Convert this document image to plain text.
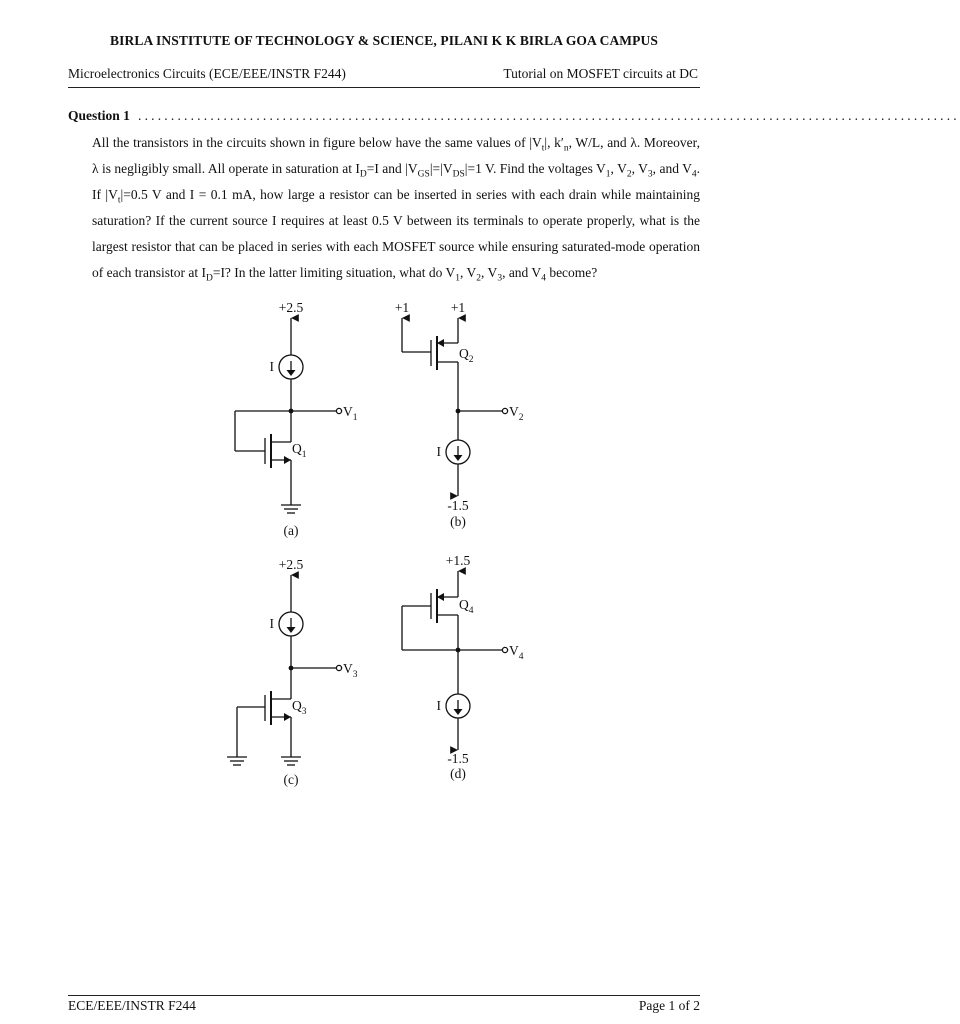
BIRLA INSTITUTE OF TECHNOLOGY & SCIENCE, PILANI K K BIRLA GOA CAMPUS
Microelectronics Circuits (ECE/EEE/INSTR F244)	Tutorial on MOSFET circuits at DC
Question 1 .............................................................................................................................
All the transistors in the circuits shown in figure below have the same values of $|V_t|$, $k'_n$, W/L, and λ. Moreover, λ is negligibly small. All operate in saturation at $I_D=I$ and $|V_{GS}|=|V_{DS}|=1$ V. Find the voltages $V_1$, $V_2$, $V_3$, and $V_4$. If $|V_t|=0.5$ V and I = 0.1 mA, how large a resistor can be inserted in series with each drain while maintaining saturation? If the current source I requires at least 0.5 V between its terminals to operate properly, what is the largest resistor that can be placed in series with each MOSFET source while ensuring saturated-mode operation of each transistor at $I_D=I$? In the latter limiting situation, what do $V_1$, $V_2$, $V_3$, and $V_4$ become?
+2.5
I
$Q_1$
$V_1$
(a)
+1	+1
$Q_2$
$V_2$
I
-1.5
(b)
+2.5
I
$V_3$
$Q_3$
(c)
+1.5
$Q_4$
$V_4$
I
-1.5
(d)
ECE/EEE/INSTR F244	Page 1 of 2
